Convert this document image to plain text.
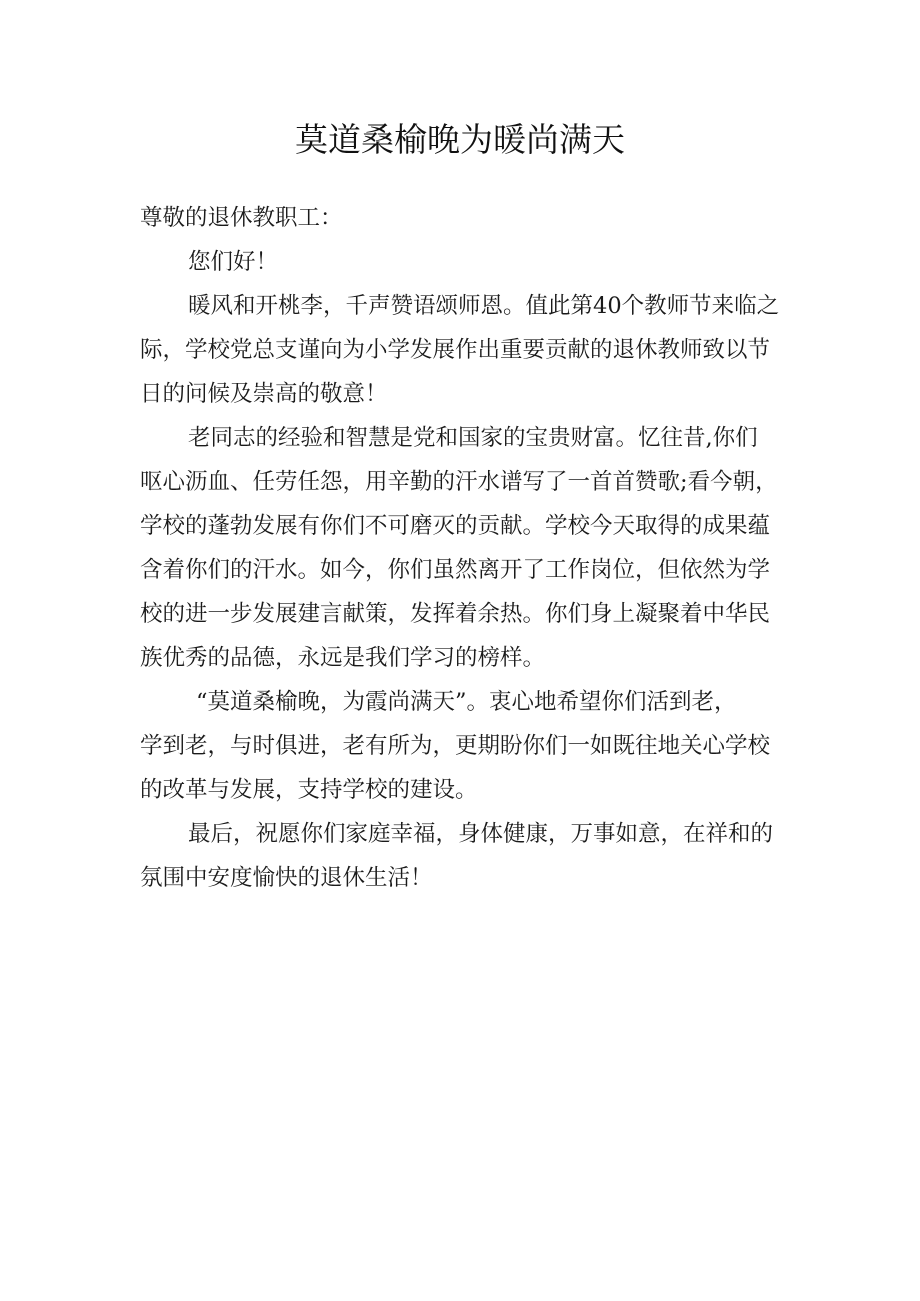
莫道桑榆晚为暖尚满天
尊敬的退休教职工：
您们好！
暖风和开桃李，千声赞语颂师恩。值此第40个教师节来临之
际，学校党总支谨向为小学发展作出重要贡献的退休教师致以节
日的问候及崇高的敬意！
老同志的经验和智慧是党和国家的宝贵财富。忆往昔,你们
呕心沥血、任劳任怨，用辛勤的汗水谱写了一首首赞歌;看今朝，
学校的蓬勃发展有你们不可磨灭的贡献。学校今天取得的成果蕴
含着你们的汗水。如今，你们虽然离开了工作岗位，但依然为学
校的进一步发展建言献策，发挥着余热。你们身上凝聚着中华民
族优秀的品德，永远是我们学习的榜样。
“莫道桑榆晚，为霞尚满天”。衷心地希望你们活到老，
学到老，与时俱进，老有所为，更期盼你们一如既往地关心学校
的改革与发展，支持学校的建设。
最后，祝愿你们家庭幸福，身体健康，万事如意，在祥和的
氛围中安度愉快的退休生活！
